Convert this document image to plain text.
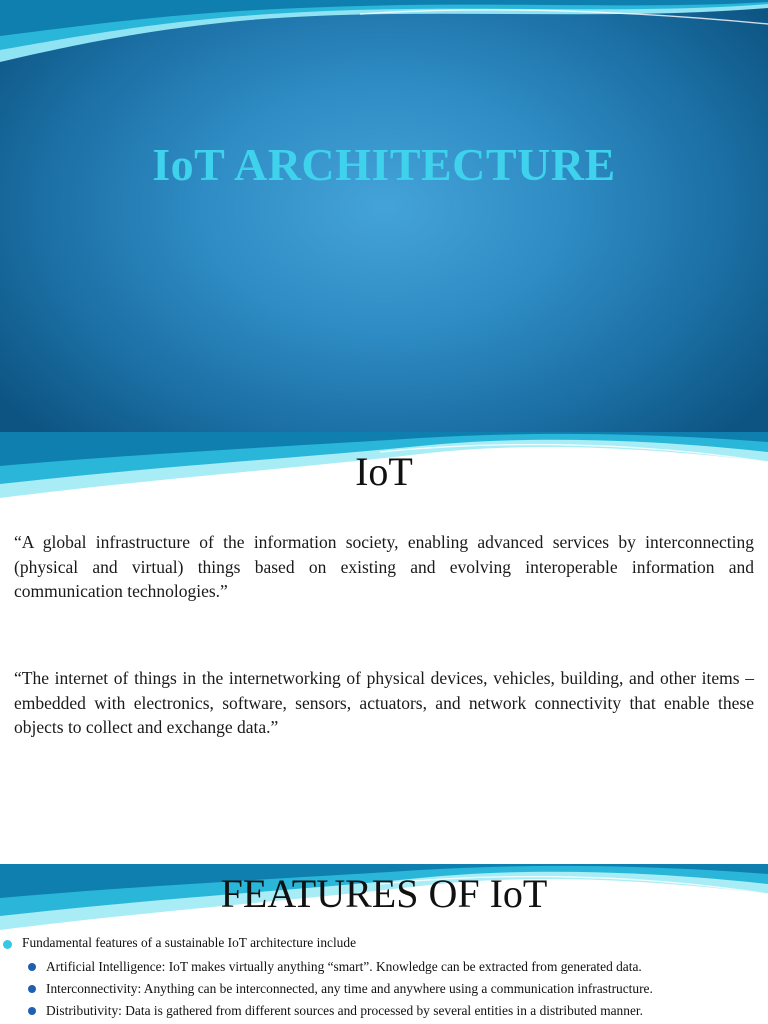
IoT ARCHITECTURE
IoT

“A global infrastructure of the information society, enabling advanced services by interconnecting (physical and virtual) things based on existing and evolving interoperable information and communication technologies.”

“The internet of things in the internetworking of physical devices, vehicles, building, and other items – embedded with electronics, software, sensors, actuators, and network connectivity that enable these objects to collect and exchange data.”

FEATURES OF IoT
Fundamental features of a sustainable IoT architecture include
Artificial Intelligence: IoT makes virtually anything “smart”. Knowledge can be extracted from generated data.
Interconnectivity: Anything can be interconnected, any time and anywhere using a communication infrastructure.
Distributivity: Data is gathered from different sources and processed by several entities in a distributed manner.
